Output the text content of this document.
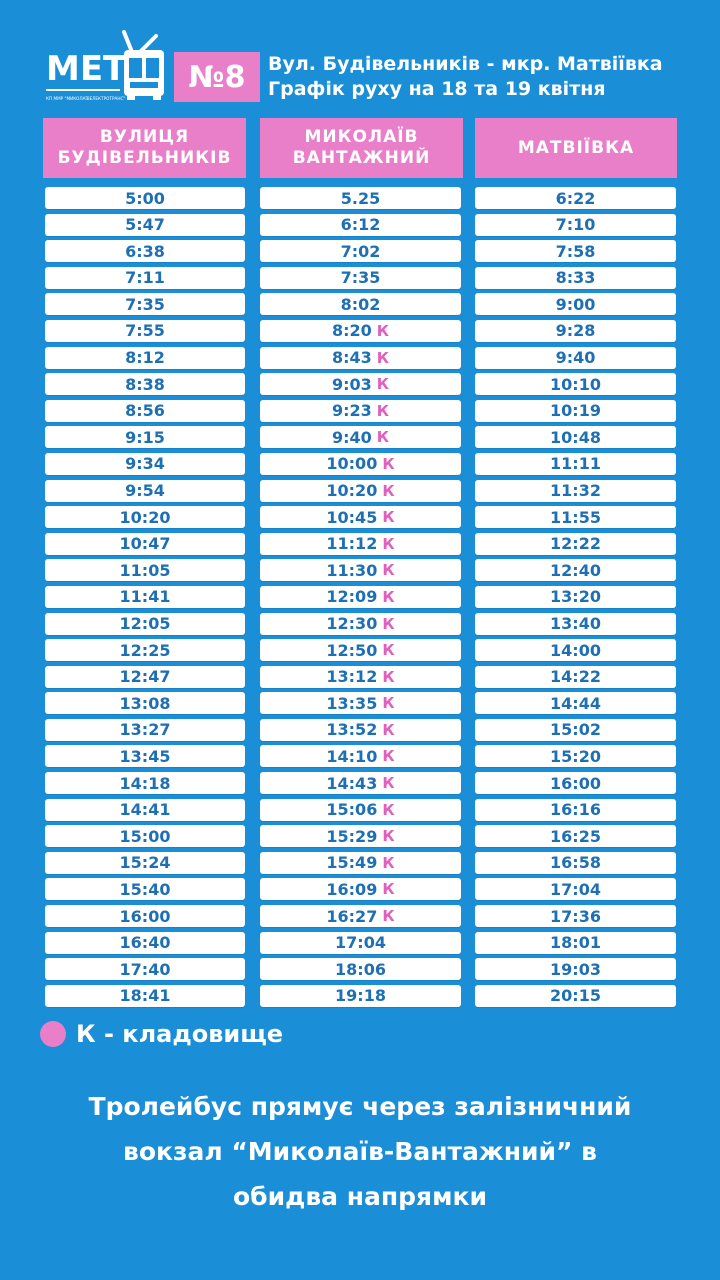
МЕТ
КП ММР "МИКОЛАЇВЕЛЕКТРОТРАНС"
№8	Вул. Будівельників - мкр. Матвіївка
Графік руху на 18 та 19 квітня
ВУЛИЦЯ
БУДІВЕЛЬНИКІВ
МИКОЛАЇВ
ВАНТАЖНИЙ
МАТВІЇВКА
5:00
5:47
6:38
7:11
7:35
7:55
8:12
8:38
8:56
9:15
9:34
9:54
10:20
10:47
11:05
11:41
12:05
12:25
12:47
13:08
13:27
13:45
14:18
14:41
15:00
15:24
15:40
16:00
16:40
17:40
18:41
5.25
6:12
7:02
7:35
8:02
8:20 К
8:43 К
9:03 К
9:23 К
9:40 К
10:00 К
10:20 К
10:45 К
11:12 К
11:30 К
12:09 К
12:30 К
12:50 К
13:12 К
13:35 К
13:52 К
14:10 К
14:43 К
15:06 К
15:29 К
15:49 К
16:09 К
16:27 К
17:04
18:06
19:18
6:22
7:10
7:58
8:33
9:00
9:28
9:40
10:10
10:19
10:48
11:11
11:32
11:55
12:22
12:40
13:20
13:40
14:00
14:22
14:44
15:02
15:20
16:00
16:16
16:25
16:58
17:04
17:36
18:01
19:03
20:15
К - кладовище
Тролейбус прямує через залізничний
вокзал “Миколаїв-Вантажний” в
обидва напрямки
